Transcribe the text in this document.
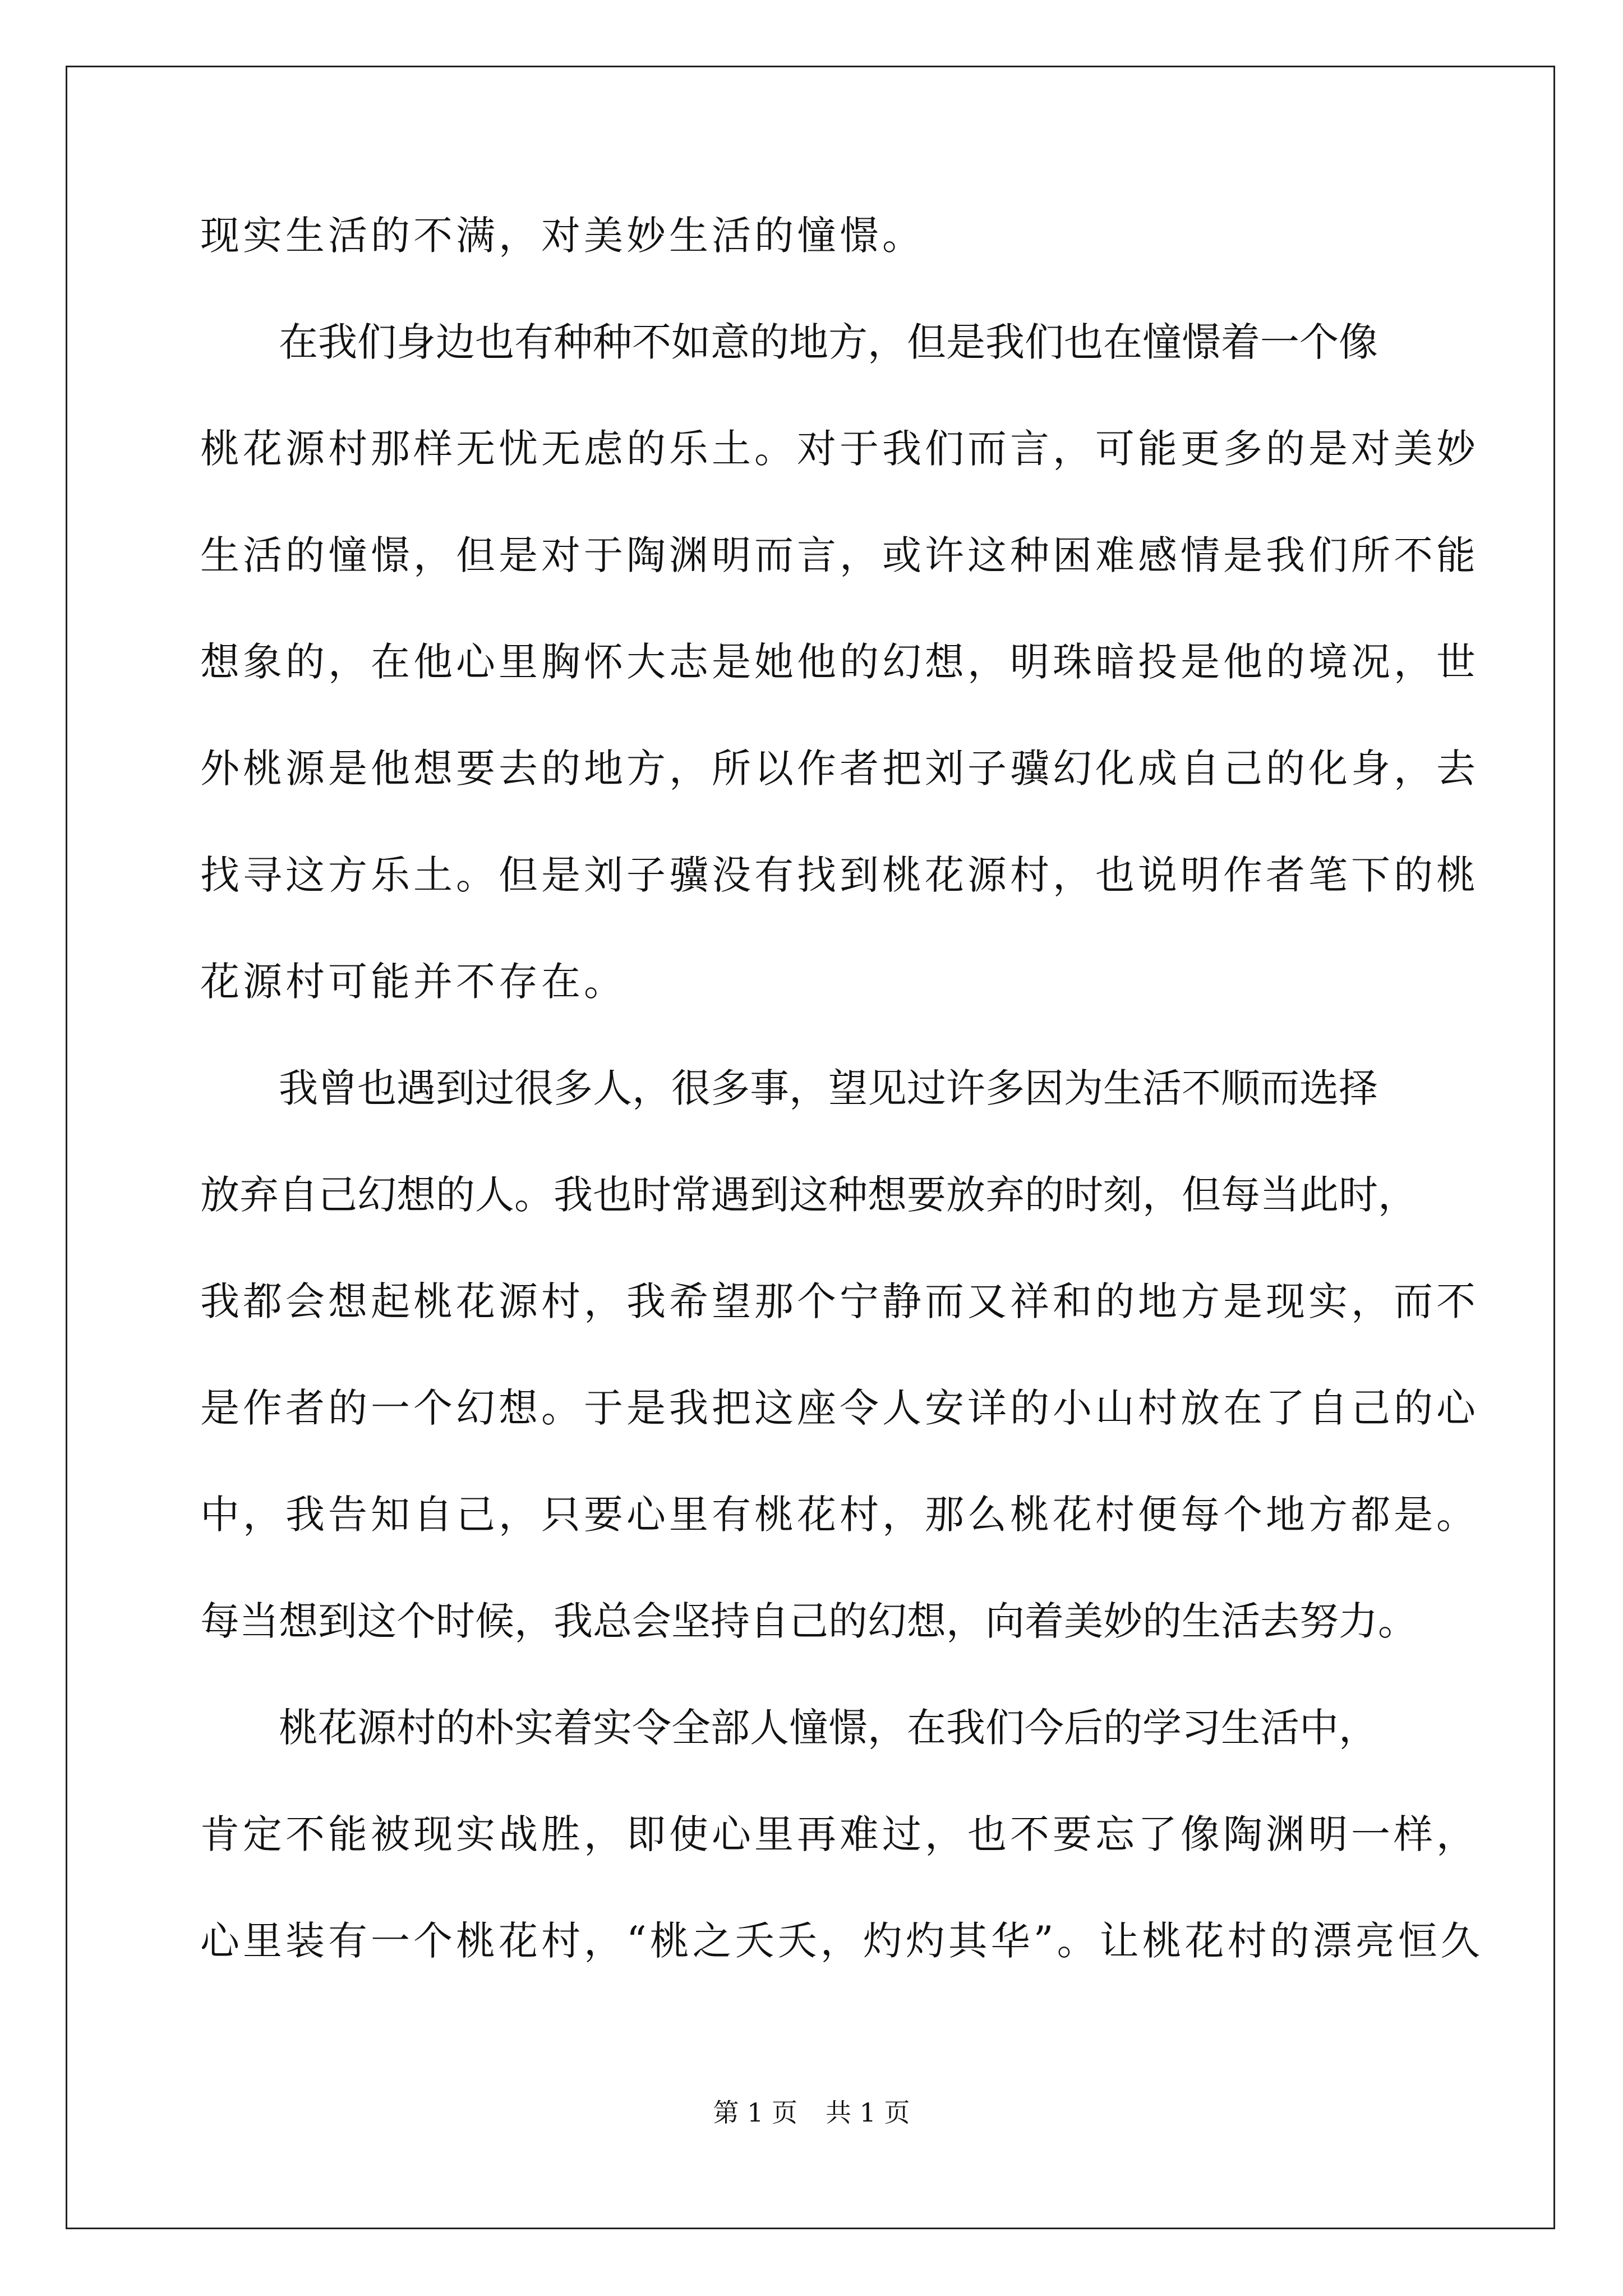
现实生活的不满，对美妙生活的憧憬。
在我们身边也有种种不如意的地方，但是我们也在憧憬着一个像
桃花源村那样无忧无虑的乐土。对于我们而言，可能更多的是对美妙
生活的憧憬，但是对于陶渊明而言，或许这种困难感情是我们所不能
想象的，在他心里胸怀大志是她他的幻想，明珠暗投是他的境况，世
外桃源是他想要去的地方，所以作者把刘子骥幻化成自己的化身，去
找寻这方乐土。但是刘子骥没有找到桃花源村，也说明作者笔下的桃
花源村可能并不存在。
我曾也遇到过很多人，很多事，望见过许多因为生活不顺而选择
放弃自己幻想的人。我也时常遇到这种想要放弃的时刻，但每当此时，
我都会想起桃花源村，我希望那个宁静而又祥和的地方是现实，而不
是作者的一个幻想。于是我把这座令人安详的小山村放在了自己的心
中，我告知自己，只要心里有桃花村，那么桃花村便每个地方都是。
每当想到这个时候，我总会坚持自己的幻想，向着美妙的生活去努力。
桃花源村的朴实着实令全部人憧憬，在我们今后的学习生活中，
肯定不能被现实战胜，即使心里再难过，也不要忘了像陶渊明一样，
心里装有一个桃花村，“桃之夭夭，灼灼其华”。让桃花村的漂亮恒久
第 1 页 共 1 页
